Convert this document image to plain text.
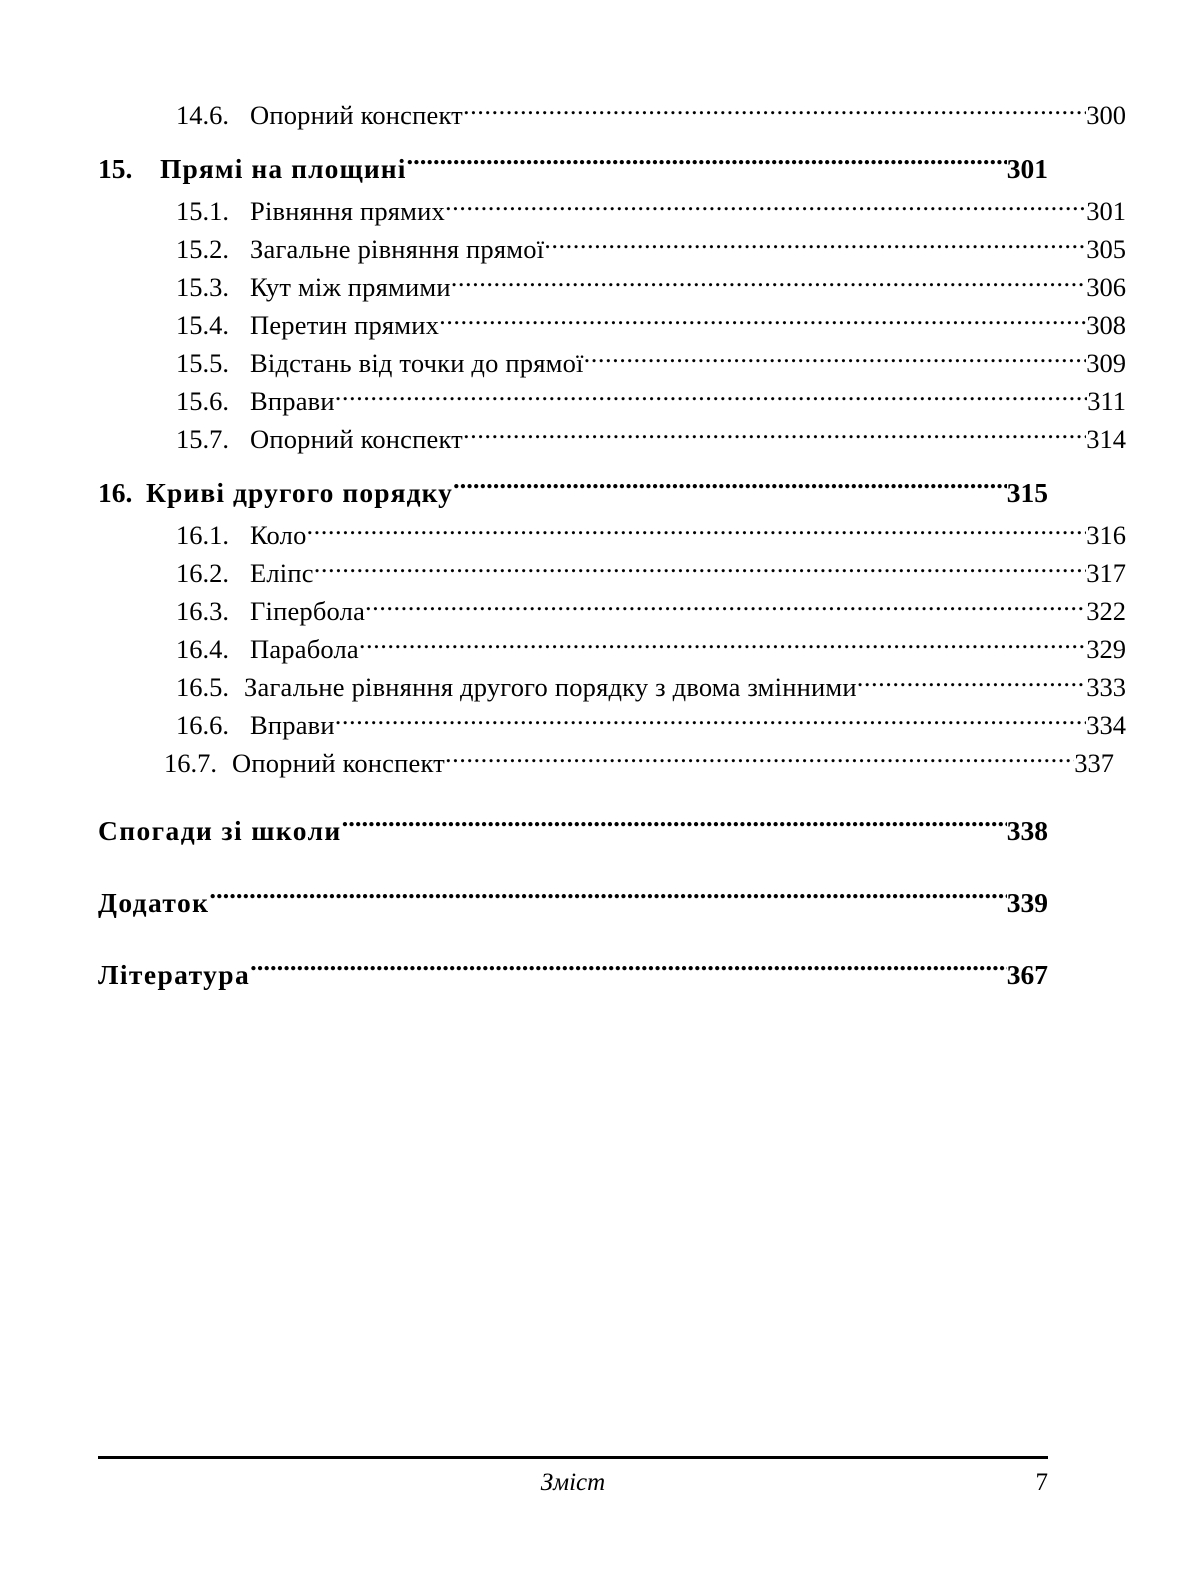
14.6. Опорний конспект .....	300
15.	Прямі на площині .....	301
15.1. Рівняння прямих .....	301
15.2. Загальне рівняння прямої .....	305
15.3. Кут між прямими .....	306
15.4. Перетин прямих .....	308
15.5. Відстань від точки до прямої .....	309
15.6. Вправи .....	311
15.7. Опорний конспект .....	314
16. Криві другого порядку .....	315
16.1. Коло .....	316
16.2. Еліпс .....	317
16.3. Гіпербола .....	322
16.4. Парабола .....	329
16.5. Загальне рівняння другого порядку з двома змінними .....	333
16.6. Вправи .....	334
16.7. Опорний конспект .....	337
Спогади зі школи .....	338
Додаток .....	339
Література .....	367
Зміст	7
